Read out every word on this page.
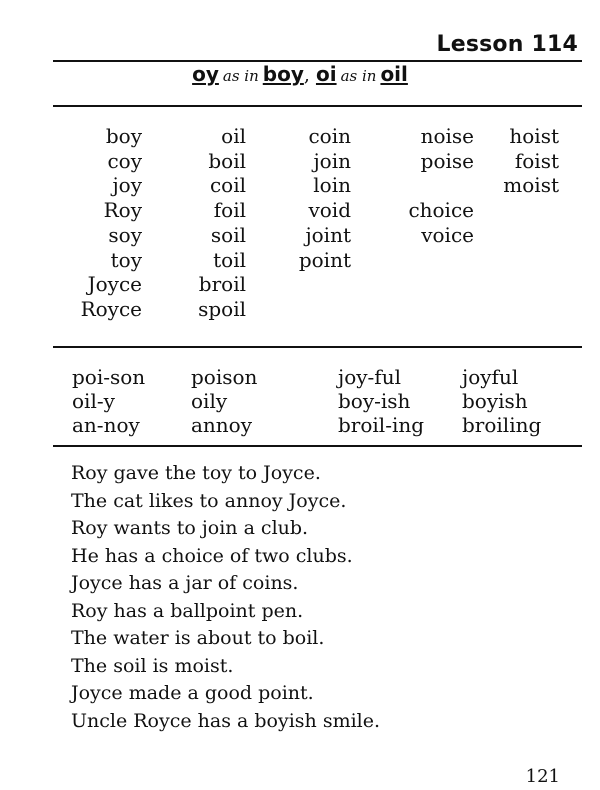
Lesson 114
oy as in boy, oi as in oil
boy
coy
joy
Roy
soy
toy
Joyce
Royce
oil
boil
coil
foil
soil
toil
broil
spoil
coin
join
loin
void
joint
point
noise
poise
choice
voice
hoist
foist
moist
poi-son
oil-y
an-noy
poison
oily
annoy
joy-ful
boy-ish
broil-ing
joyful
boyish
broiling
Roy gave the toy to Joyce.
The cat likes to annoy Joyce.
Roy wants to join a club.
He has a choice of two clubs.
Joyce has a jar of coins.
Roy has a ballpoint pen.
The water is about to boil.
The soil is moist.
Joyce made a good point.
Uncle Royce has a boyish smile.
121
